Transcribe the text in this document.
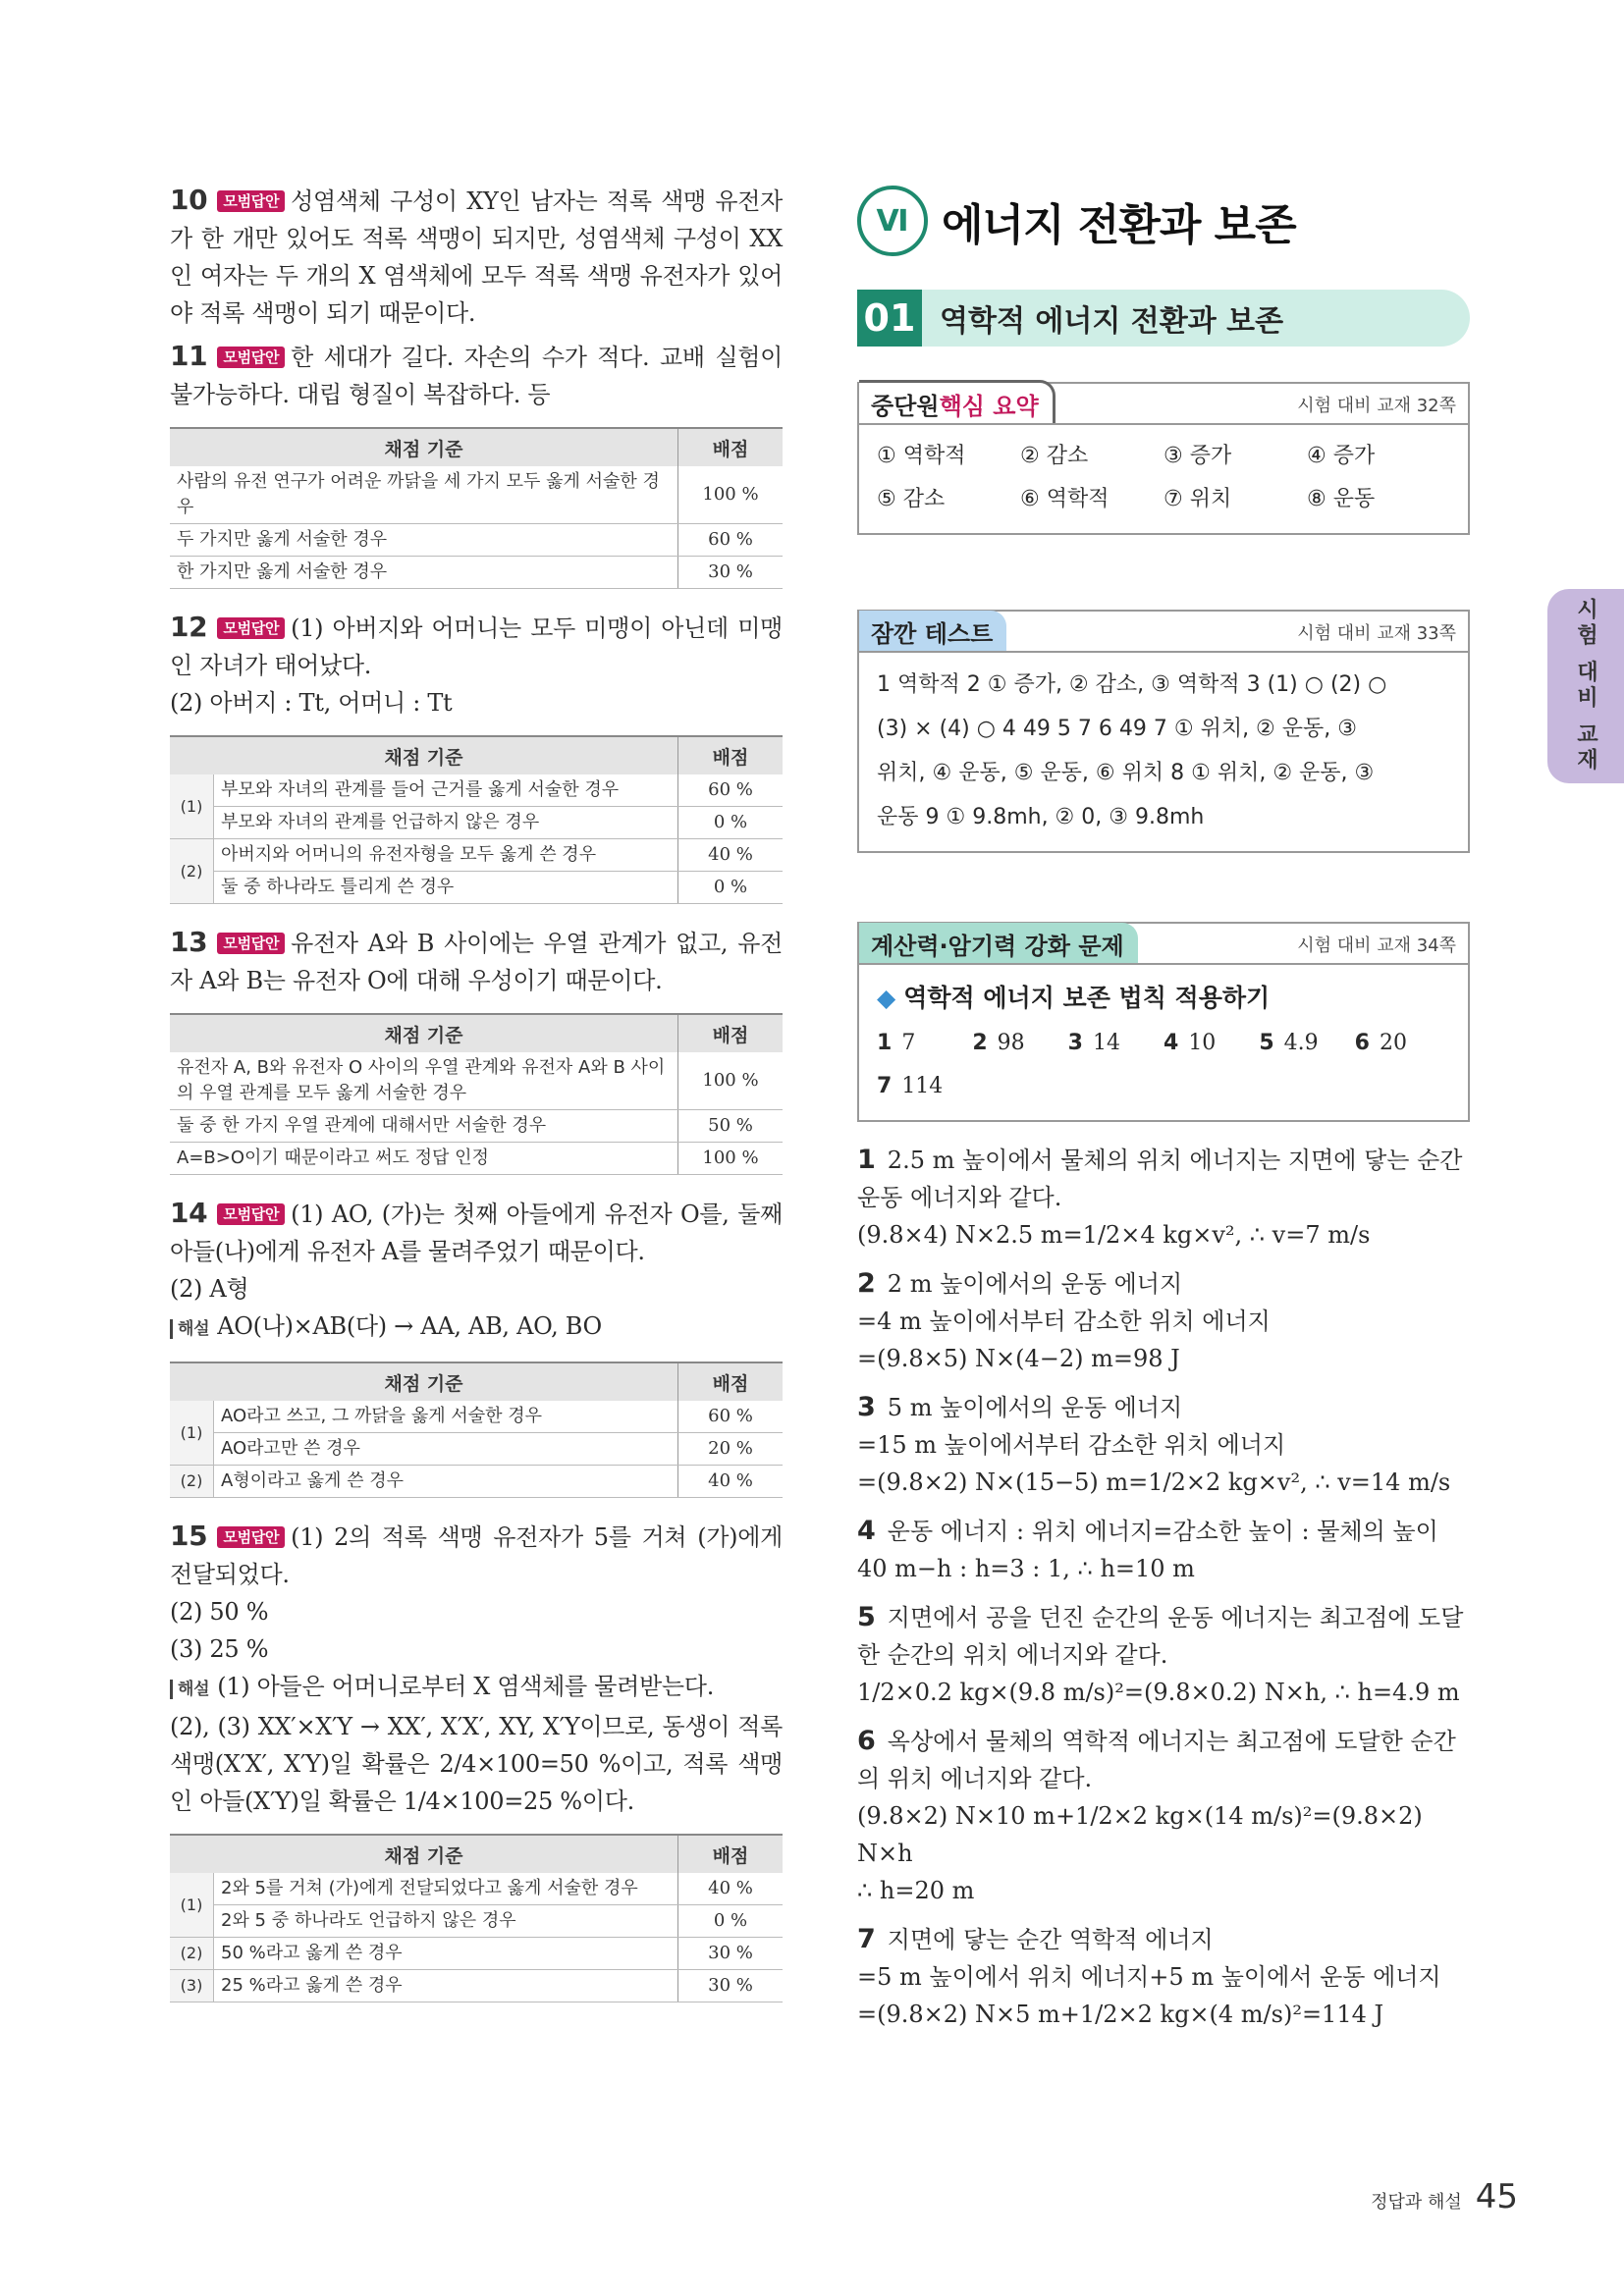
10 모범답안 성염색체 구성이 XY인 남자는 적록 색맹 유전자가 한 개만 있어도 적록 색맹이 되지만, 성염색체 구성이 XX인 여자는 두 개의 X 염색체에 모두 적록 색맹 유전자가 있어야 적록 색맹이 되기 때문이다.
11 모범답안 한 세대가 길다. 자손의 수가 적다. 교배 실험이 불가능하다. 대립 형질이 복잡하다. 등
채점 기준	배점
사람의 유전 연구가 어려운 까닭을 세 가지 모두 옳게 서술한 경우	100 %
두 가지만 옳게 서술한 경우	60 %
한 가지만 옳게 서술한 경우	30 %
12 모범답안 (1) 아버지와 어머니는 모두 미맹이 아닌데 미맹인 자녀가 태어났다.
(2) 아버지 : Tt, 어머니 : Tt
채점 기준		배점
(1)	부모와 자녀의 관계를 들어 근거를 옳게 서술한 경우	60 %
	부모와 자녀의 관계를 언급하지 않은 경우	0 %
(2)	아버지와 어머니의 유전자형을 모두 옳게 쓴 경우	40 %
	둘 중 하나라도 틀리게 쓴 경우	0 %
13 모범답안 유전자 A와 B 사이에는 우열 관계가 없고, 유전자 A와 B는 유전자 O에 대해 우성이기 때문이다.
채점 기준	배점
유전자 A, B와 유전자 O 사이의 우열 관계와 유전자 A와 B 사이의 우열 관계를 모두 옳게 서술한 경우	100 %
둘 중 한 가지 우열 관계에 대해서만 서술한 경우	50 %
A=B>O이기 때문이라고 써도 정답 인정	100 %
14 모범답안 (1) AO, (가)는 첫째 아들에게 유전자 O를, 둘째 아들(나)에게 유전자 A를 물려주었기 때문이다.
(2) A형
해설 AO(나)×AB(다) → AA, AB, AO, BO
채점 기준		배점
(1)	AO라고 쓰고, 그 까닭을 옳게 서술한 경우	60 %
	AO라고만 쓴 경우	20 %
(2)	A형이라고 옳게 쓴 경우	40 %
15 모범답안 (1) 2의 적록 색맹 유전자가 5를 거쳐 (가)에게 전달되었다.
(2) 50 %
(3) 25 %
해설 (1) 아들은 어머니로부터 X 염색체를 물려받는다.
(2), (3) XX′×X′Y → XX′, X′X′, XY, X′Y이므로, 동생이 적록 색맹(X′X′, X′Y)일 확률은 2/4×100=50 %이고, 적록 색맹인 아들(X′Y)일 확률은 1/4×100=25 %이다.
채점 기준		배점
(1)	2와 5를 거쳐 (가)에게 전달되었다고 옳게 서술한 경우	40 %
	2와 5 중 하나라도 언급하지 않은 경우	0 %
(2)	50 %라고 옳게 쓴 경우	30 %
(3)	25 %라고 옳게 쓴 경우	30 %
Ⅵ 에너지 전환과 보존
01 역학적 에너지 전환과 보존
중단원핵심 요약	시험 대비 교재 32쪽
① 역학적	② 감소	③ 증가	④ 증가
⑤ 감소	⑥ 역학적	⑦ 위치	⑧ 운동
잠깐 테스트	시험 대비 교재 33쪽
1 역학적 2 ① 증가, ② 감소, ③ 역학적 3 (1) ○ (2) ○
(3) × (4) ○ 4 49 5 7 6 49 7 ① 위치, ② 운동, ③
위치, ④ 운동, ⑤ 운동, ⑥ 위치 8 ① 위치, ② 운동, ③
운동 9 ① 9.8mh, ② 0, ③ 9.8mh
계산력·암기력 강화 문제	시험 대비 교재 34쪽
◆ 역학적 에너지 보존 법칙 적용하기
1 7	2 98	3 14	4 10	5 4.9	6 20
7 114
1 2.5 m 높이에서 물체의 위치 에너지는 지면에 닿는 순간 운동 에너지와 같다.
(9.8×4) N×2.5 m=1/2×4 kg×v², ∴ v=7 m/s
2 2 m 높이에서의 운동 에너지
=4 m 높이에서부터 감소한 위치 에너지
=(9.8×5) N×(4−2) m=98 J
3 5 m 높이에서의 운동 에너지
=15 m 높이에서부터 감소한 위치 에너지
=(9.8×2) N×(15−5) m=1/2×2 kg×v², ∴ v=14 m/s
4 운동 에너지 : 위치 에너지=감소한 높이 : 물체의 높이
40 m−h : h=3 : 1, ∴ h=10 m
5 지면에서 공을 던진 순간의 운동 에너지는 최고점에 도달한 순간의 위치 에너지와 같다.
1/2×0.2 kg×(9.8 m/s)²=(9.8×0.2) N×h, ∴ h=4.9 m
6 옥상에서 물체의 역학적 에너지는 최고점에 도달한 순간의 위치 에너지와 같다.
(9.8×2) N×10 m+1/2×2 kg×(14 m/s)²=(9.8×2) N×h
∴ h=20 m
7 지면에 닿는 순간 역학적 에너지
=5 m 높이에서 위치 에너지+5 m 높이에서 운동 에너지
=(9.8×2) N×5 m+1/2×2 kg×(4 m/s)²=114 J
시험 대비 교재
정답과 해설 45
